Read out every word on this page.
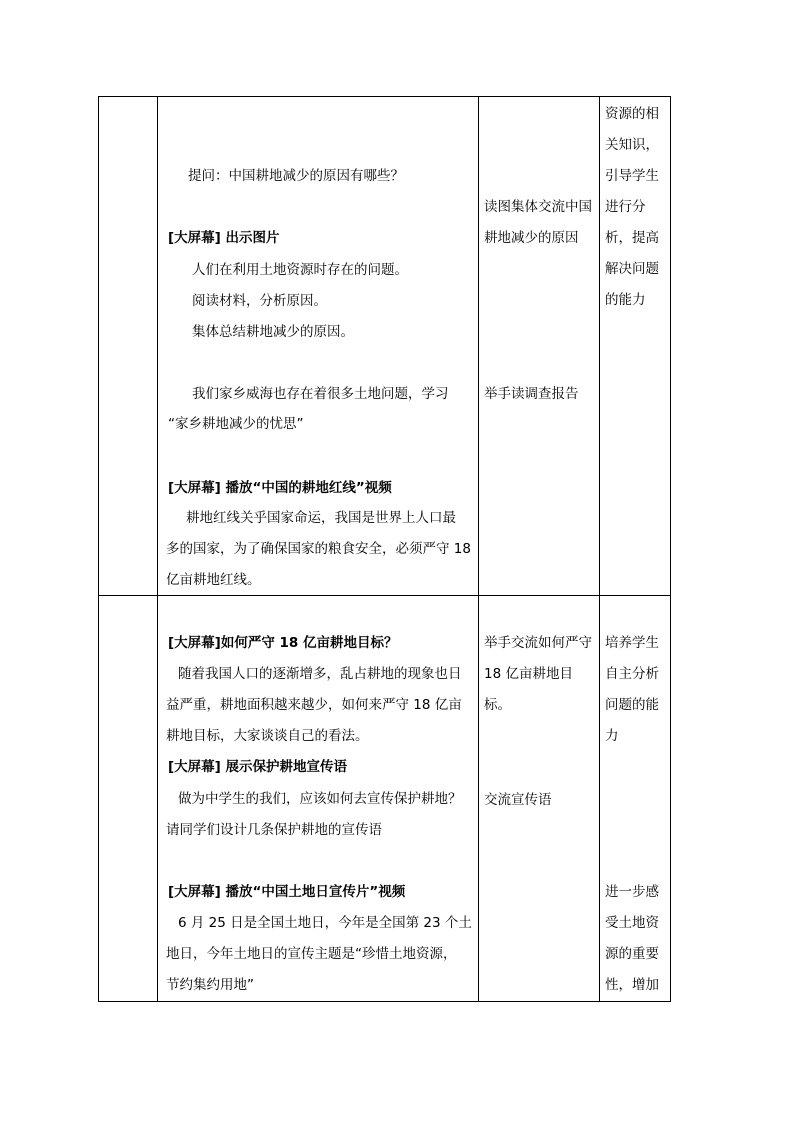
提问：中国耕地减少的原因有哪些？
[大屏幕] 出示图片
人们在利用土地资源时存在的问题。
阅读材料，分析原因。
集体总结耕地减少的原因。
我们家乡威海也存在着很多土地问题，学习
“家乡耕地减少的忧思”
[大屏幕] 播放“中国的耕地红线”视频
耕地红线关乎国家命运，我国是世界上人口最
多的国家，为了确保国家的粮食安全，必须严守 18
亿亩耕地红线。
读图集体交流中国耕地减少的原因
举手读调查报告
资源的相关知识，引导学生进行分析，提高解决问题的能力
[大屏幕]如何严守 18 亿亩耕地目标？
随着我国人口的逐渐增多，乱占耕地的现象也日
益严重，耕地面积越来越少，如何来严守 18 亿亩
耕地目标，大家谈谈自己的看法。
[大屏幕] 展示保护耕地宣传语
做为中学生的我们，应该如何去宣传保护耕地？
请同学们设计几条保护耕地的宣传语
[大屏幕] 播放“中国土地日宣传片”视频
6 月 25 日是全国土地日，今年是全国第 23 个土
地日，今年土地日的宣传主题是“珍惜土地资源，
节约集约用地”
举手交流如何严守 18 亿亩耕地目标。
交流宣传语
培养学生自主分析问题的能力
进一步感受土地资源的重要性，增加
